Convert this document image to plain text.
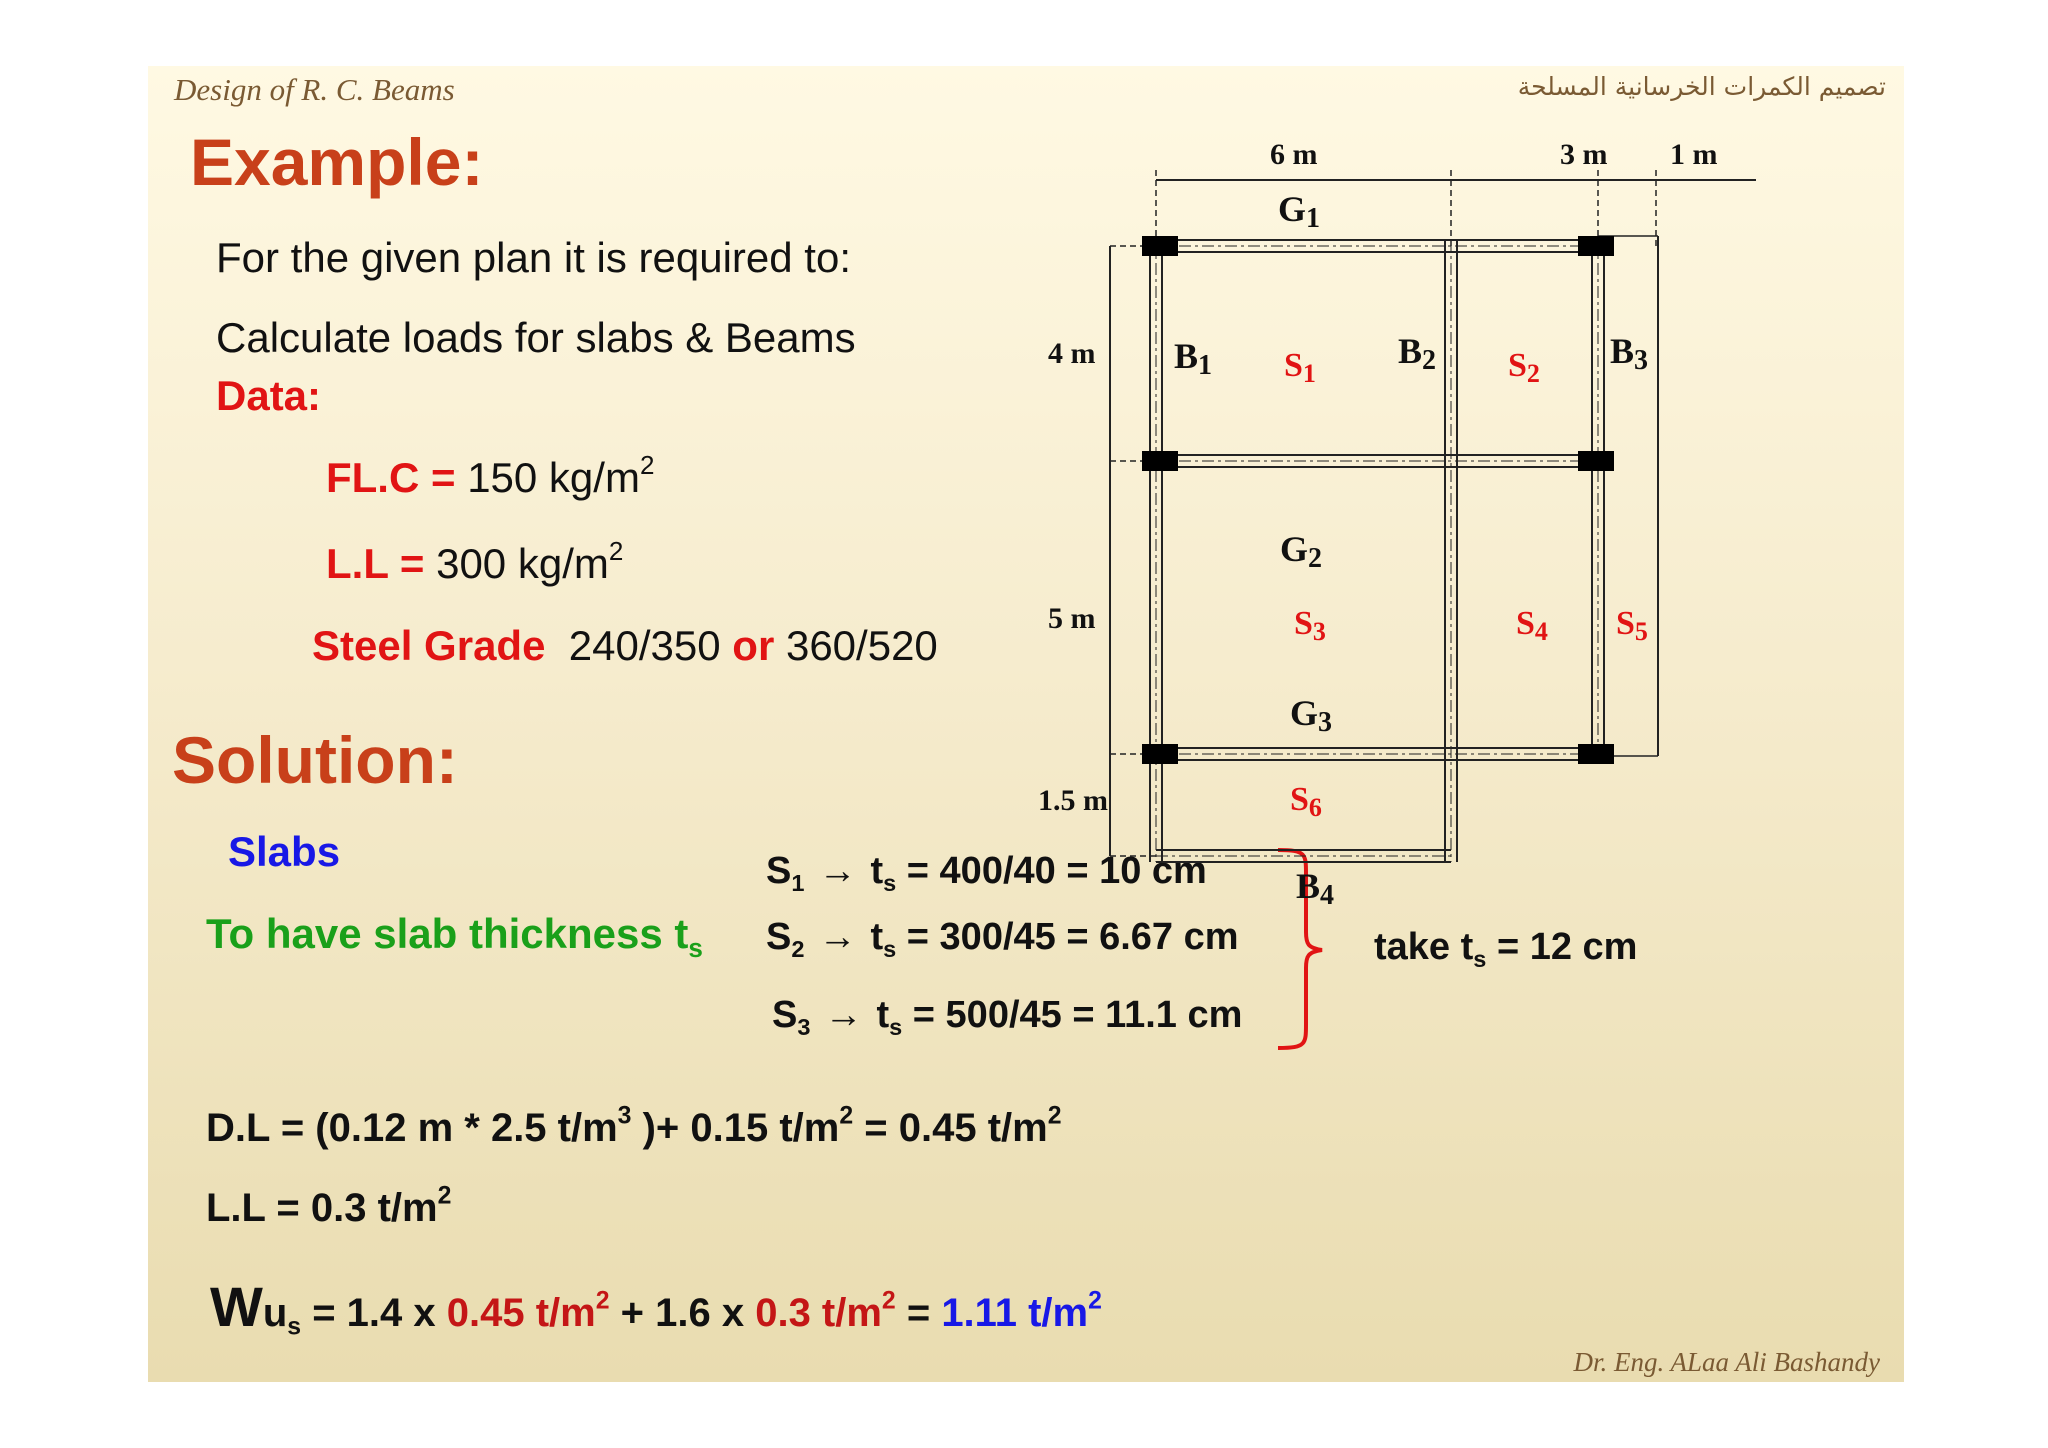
Design of R. C. Beams	تصميم الكمرات الخرسانية المسلحة
Example:
For the given plan it is required to:
Calculate loads for slabs & Beams
Data:
FL.C = 150 $kg/m^2$
L.L = 300 $kg/m^2$
Steel Grade 240/350 or 360/520
Solution:
Slabs
To have slab thickness $t_s$
$S_1 \to t_s = 400/40 = 10$ cm
$S_2 \to t_s = 300/45 = 6.67$ cm
$S_3 \to t_s = 500/45 = 11.1$ cm
take $t_s = 12$ cm
D.L = (0.12 m * 2.5 $t/m^3$ )+ 0.15 $t/m^2 = 0.45$ $t/m^2$
L.L = 0.3 $t/m^2$
$Wu_s = 1.4$ x 0.45 $t/m^2 + 1.6$ x 0.3 $t/m^2 = 1.11$ $t/m^2$
6 m	3 m 1 m
4 m
5 m
1.5 m
G1
G2
G3
B1	B2	B3
B4
S1	S2
S3	S4 S5
S6
Dr. Eng. ALaa Ali Bashandy
